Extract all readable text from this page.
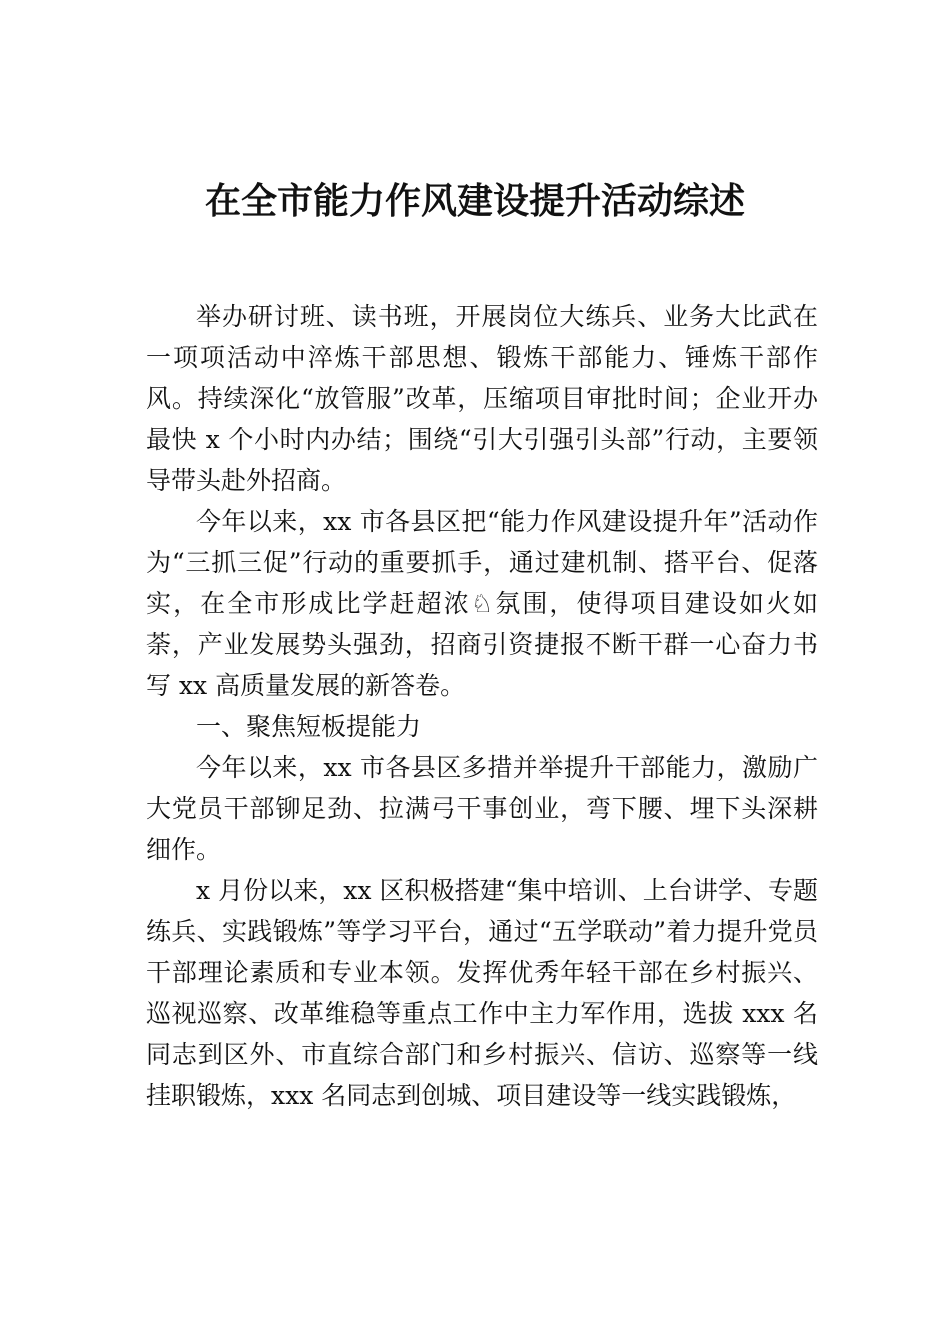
在全市能力作风建设提升活动综述

举办研讨班、读书班，开展岗位大练兵、业务大比武在一项项活动中淬炼干部思想、锻炼干部能力、锤炼干部作风。持续深化“放管服”改革，压缩项目审批时间；企业开办最快 x 个小时内办结；围绕“引大引强引头部”行动，主要领导带头赴外招商。

今年以来，xx 市各县区把“能力作风建设提升年”活动作为“三抓三促”行动的重要抓手，通过建机制、搭平台、促落实，在全市形成比学赶超浓♘氛围，使得项目建设如火如荼，产业发展势头强劲，招商引资捷报不断干群一心奋力书写 xx 高质量发展的新答卷。

一、聚焦短板提能力

今年以来，xx 市各县区多措并举提升干部能力，激励广大党员干部铆足劲、拉满弓干事创业，弯下腰、埋下头深耕细作。

x 月份以来，xx 区积极搭建“集中培训、上台讲学、专题练兵、实践锻炼”等学习平台，通过“五学联动”着力提升党员干部理论素质和专业本领。发挥优秀年轻干部在乡村振兴、 巡视巡察、改革维稳等重点工作中主力军作用，选拔 xxx 名同志到区外、市直综合部门和乡村振兴、信访、巡察等一线挂职锻炼，xxx 名同志到创城、项目建设等一线实践锻炼，
